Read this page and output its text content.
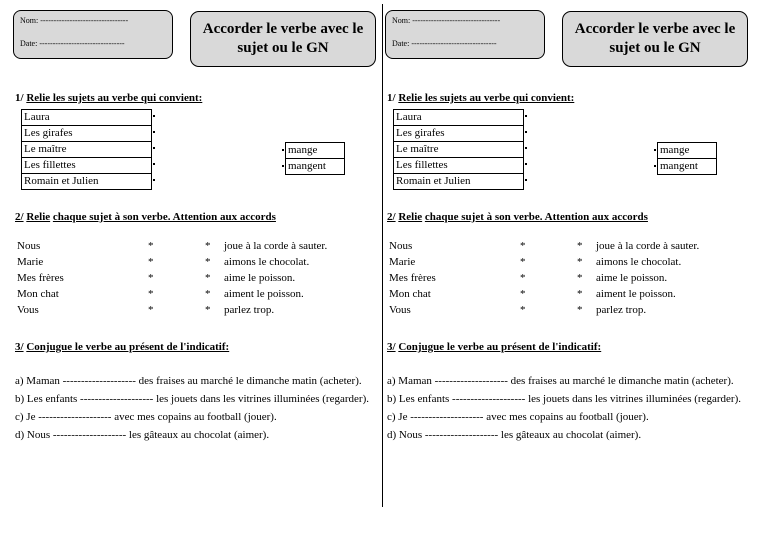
Nom: ---------------------------------
Date: --------------------------------
Accorder le verbe avec le sujet ou le GN
1/ Relie les sujets au verbe qui convient:
Laura
Les girafes
Le maître
Les fillettes
Romain et Julien
mange
mangent
2/ Relie chaque sujet à son verbe. Attention aux accords
Nous	*	* joue à la corde à sauter.
Marie	*	* aimons le chocolat.
Mes frères	*	* aime le poisson.
Mon chat	*	* aiment le poisson.
Vous	*	* parlez trop.
3/ Conjugue le verbe au présent de l'indicatif:
a) Maman -------------------- des fraises au marché le dimanche matin (acheter).
b) Les enfants -------------------- les jouets dans les vitrines illuminées (regarder).
c) Je -------------------- avec mes copains au football (jouer).
d) Nous -------------------- les gâteaux au chocolat (aimer).
Nom: ---------------------------------
Date: --------------------------------
Accorder le verbe avec le sujet ou le GN
1/ Relie les sujets au verbe qui convient:
Laura
Les girafes
Le maître
Les fillettes
Romain et Julien
mange
mangent
2/ Relie chaque sujet à son verbe. Attention aux accords
Nous	*	* joue à la corde à sauter.
Marie	*	* aimons le chocolat.
Mes frères	*	* aime le poisson.
Mon chat	*	* aiment le poisson.
Vous	*	* parlez trop.
3/ Conjugue le verbe au présent de l'indicatif:
a) Maman -------------------- des fraises au marché le dimanche matin (acheter).
b) Les enfants -------------------- les jouets dans les vitrines illuminées (regarder).
c) Je -------------------- avec mes copains au football (jouer).
d) Nous -------------------- les gâteaux au chocolat (aimer).
